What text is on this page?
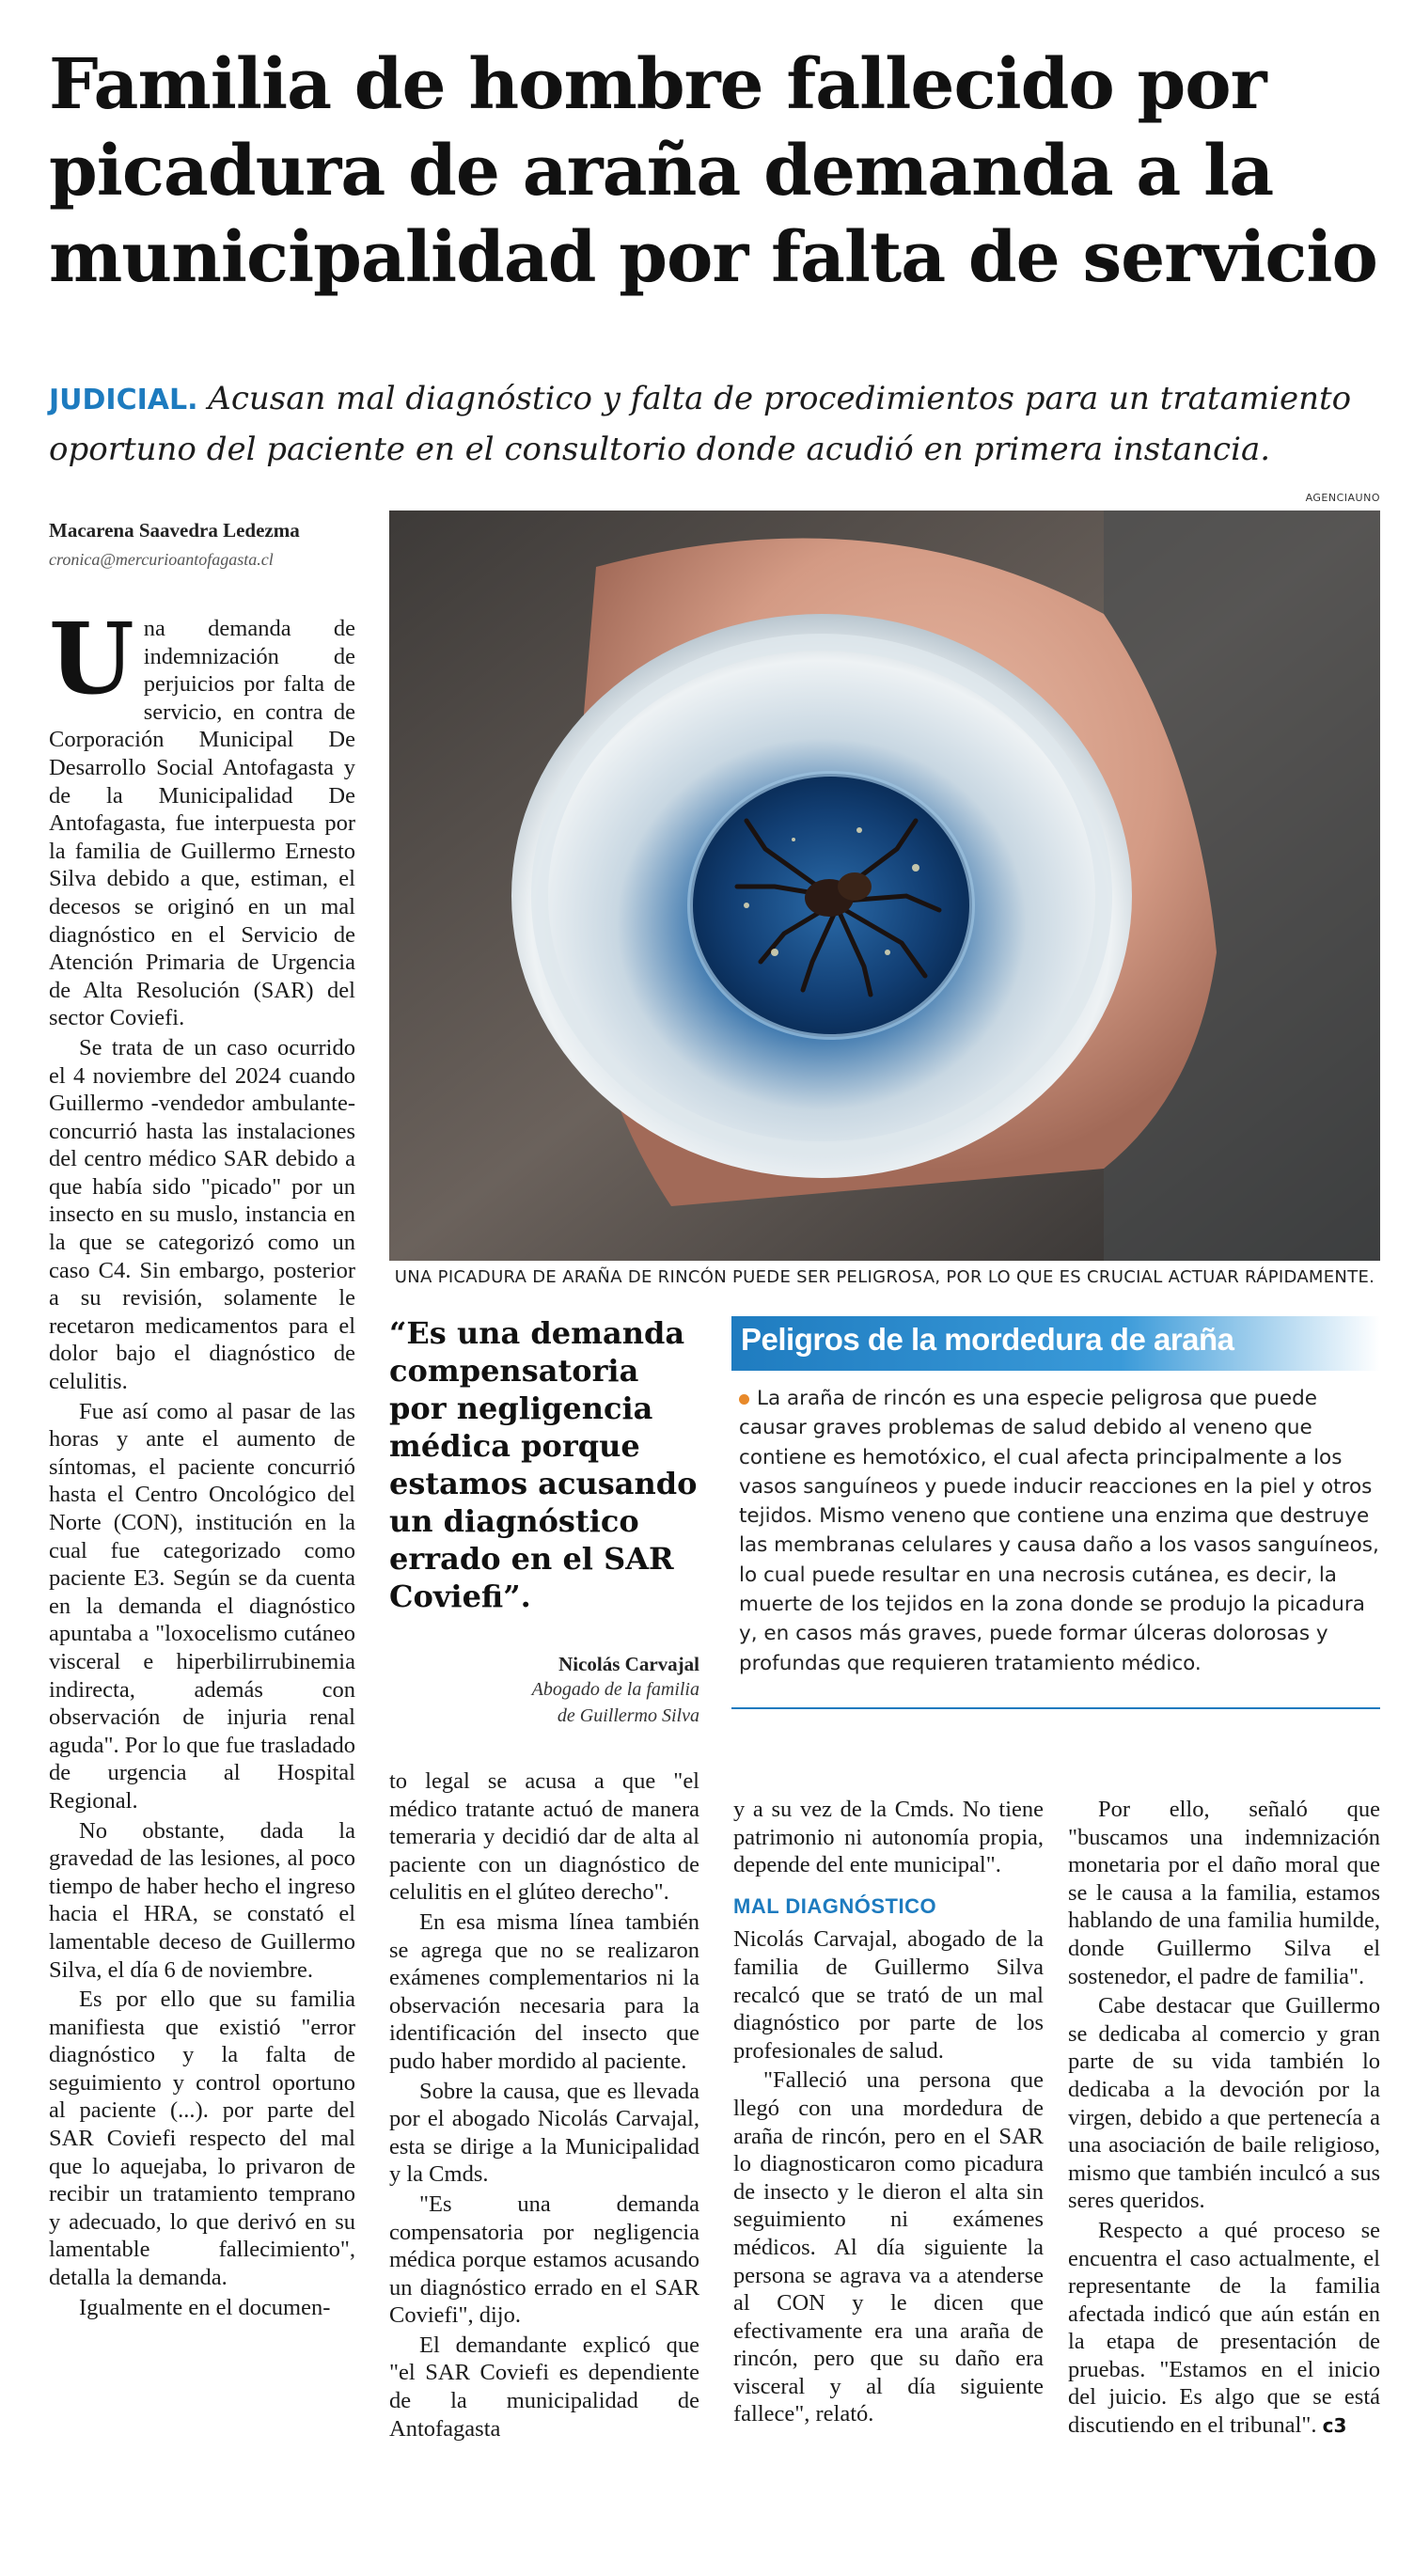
Familia de hombre fallecido por
picadura de araña demanda a la
municipalidad por falta de servicio
JUDICIAL. Acusan mal diagnóstico y falta de procedimientos para un tratamiento oportuno del paciente en el consultorio donde acudió en primera instancia.
Macarena Saavedra Ledezma
cronica@mercurioantofagasta.cl
AGENCIAUNO
UNA PICADURA DE ARAÑA DE RINCÓN PUEDE SER PELIGROSA, POR LO QUE ES CRUCIAL ACTUAR RÁPIDAMENTE.

Una demanda de indemnización de perjuicios por falta de servicio, en contra de Corporación Municipal De Desarrollo Social Antofagasta y de la Municipalidad De Antofagasta, fue interpuesta por la familia de Guillermo Ernesto Silva debido a que, estiman, el decesos se originó en un mal diagnóstico en el Servicio de Atención Primaria de Urgencia de Alta Resolución (SAR) del sector Coviefi.

Se trata de un caso ocurrido el 4 noviembre del 2024 cuando Guillermo -vendedor ambulante- concurrió hasta las instalaciones del centro médico SAR debido a que había sido "picado" por un insecto en su muslo, instancia en la que se categorizó como un caso C4. Sin embargo, posterior a su revisión, solamente le recetaron medicamentos para el dolor bajo el diagnóstico de celulitis.

Fue así como al pasar de las horas y ante el aumento de síntomas, el paciente concurrió hasta el Centro Oncológico del Norte (CON), institución en la cual fue categorizado como paciente E3. Según se da cuenta en la demanda el diagnóstico apuntaba a "loxocelismo cutáneo visceral e hiperbilirrubinemia indirecta, además con observación de injuria renal aguda". Por lo que fue trasladado de urgencia al Hospital Regional.

No obstante, dada la gravedad de las lesiones, al poco tiempo de haber hecho el ingreso hacia el HRA, se constató el lamentable deceso de Guillermo Silva, el día 6 de noviembre.

Es por ello que su familia manifiesta que existió "error diagnóstico y la falta de seguimiento y control oportuno al paciente (...). por parte del SAR Coviefi respecto del mal que lo aquejaba, lo privaron de recibir un tratamiento temprano y adecuado, lo que derivó en su lamentable fallecimiento", detalla la demanda.

Igualmente en el documen-

“Es una demanda compensatoria por negligencia médica porque estamos acusando un diagnóstico errado en el SAR Coviefi”.
Nicolás Carvajal
Abogado de la familia
de Guillermo Silva
Peligros de la mordedura de araña
La araña de rincón es una especie peligrosa que puede causar graves problemas de salud debido al veneno que contiene es hemotóxico, el cual afecta principalmente a los vasos sanguíneos y puede inducir reacciones en la piel y otros tejidos. Mismo veneno que contiene una enzima que destruye las membranas celulares y causa daño a los vasos sanguíneos, lo cual puede resultar en una necrosis cutánea, es decir, la muerte de los tejidos en la zona donde se produjo la picadura y, en casos más graves, puede formar úlceras dolorosas y profundas que requieren tratamiento médico.

to legal se acusa a que "el médico tratante actuó de manera temeraria y decidió dar de alta al paciente con un diagnóstico de celulitis en el glúteo derecho".

En esa misma línea también se agrega que no se realizaron exámenes complementarios ni la observación necesaria para la identificación del insecto que pudo haber mordido al paciente.

Sobre la causa, que es llevada por el abogado Nicolás Carvajal, esta se dirige a la Municipalidad y la Cmds.

"Es una demanda compensatoria por negligencia médica porque estamos acusando un diagnóstico errado en el SAR Coviefi", dijo.

El demandante explicó que "el SAR Coviefi es dependiente de la municipalidad de Antofagasta

y a su vez de la Cmds. No tiene patrimonio ni autonomía propia, depende del ente municipal".

MAL DIAGNÓSTICO

Nicolás Carvajal, abogado de la familia de Guillermo Silva recalcó que se trató de un mal diagnóstico por parte de los profesionales de salud.

"Falleció una persona que llegó con una mordedura de araña de rincón, pero en el SAR lo diagnosticaron como picadura de insecto y le dieron el alta sin seguimiento ni exámenes médicos. Al día siguiente la persona se agrava va a atenderse al CON y le dicen que efectivamente era una araña de rincón, pero que su daño era visceral y al día siguiente fallece", relató.

Por ello, señaló que "buscamos una indemnización monetaria por el daño moral que se le causa a la familia, estamos hablando de una familia humilde, donde Guillermo Silva el sostenedor, el padre de familia".

Cabe destacar que Guillermo se dedicaba al comercio y gran parte de su vida también lo dedicaba a la devoción por la virgen, debido a que pertenecía a una asociación de baile religioso, mismo que también inculcó a sus seres queridos.

Respecto a qué proceso se encuentra el caso actualmente, el representante de la familia afectada indicó que aún están en la etapa de presentación de pruebas. "Estamos en el inicio del juicio. Es algo que se está discutiendo en el tribunal". c3
